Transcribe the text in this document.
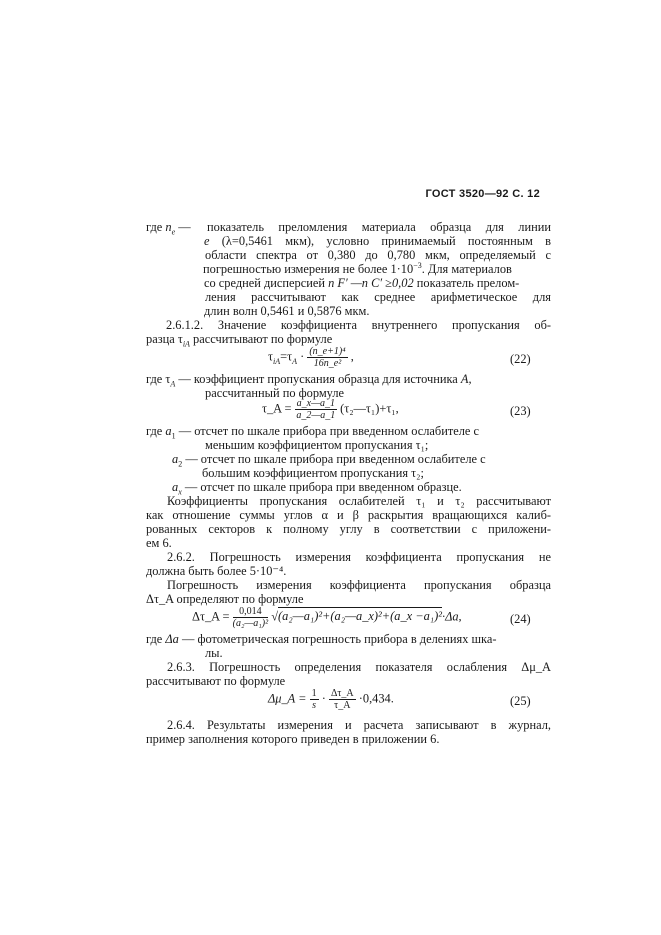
ГОСТ 3520—92 С. 12
где $n_e$ — показатель преломления материала образца для линии
e (λ=0,5461 мкм), условно принимаемый постоянным в
области спектра от 0,380 до 0,780 мкм, определяемый с
погрешностью измерения не более $1\cdot 10^{-3}$. Для материалов
со средней дисперсией n F′ —n C′ ≥0,02 показатель прелом-
ления рассчитывают как среднее арифметическое для
длин волн 0,5461 и 0,5876 мкм.
2.6.1.2. Значение коэффициента внутреннего пропускания об-
разца $\tau_{iA}$ рассчитывают по формуле
$\tau_{iA}=\tau_A \cdot \frac{\text{(n\_e+1)⁴}}{\text{16n\_e²}}$ ,	(22)
где $\tau_A$ — коэффициент пропускания образца для источника A,
рассчитанный по формуле
τ_A = $\frac{a\_x—a\_1}{a\_2—a\_1}$ (τ₂—τ₁)+τ₁,	(23)
где $a_1$ — отсчет по шкале прибора при введенном ослабителе с
меньшим коэффициентом пропускания τ₁;
$a_2$ — отсчет по шкале прибора при введенном ослабителе с
большим коэффициентом пропускания τ₂;
$a_x$ — отсчет по шкале прибора при введенном образце.
Коэффициенты пропускания ослабителей τ₁ и τ₂ рассчитывают
как отношение суммы углов α и β раскрытия вращающихся калиб-
рованных секторов к полному углу в соответствии с приложени-
ем 6.
2.6.2. Погрешность измерения коэффициента пропускания не
должна быть более 5·10⁻⁴.
Погрешность измерения коэффициента пропускания образца
Δτ_A определяют по формуле
Δτ_A = $\frac{0,014}{\text{(a₂—a₁)²}}$ √(a₂—a₁)²+(a₂—a_x)²+(a_x −a₁)²·Δa,	(24)
где Δa — фотометрическая погрешность прибора в делениях шка-
лы.
2.6.3. Погрешность определения показателя ослабления Δμ_A
рассчитывают по формуле
Δμ_A = $\frac{1}{s} \cdot \frac{\Delta\tau\_A}{\tau\_A} \cdot 0,434$.	(25)
2.6.4. Результаты измерения и расчета записывают в журнал,
пример заполнения которого приведен в приложении 6.
